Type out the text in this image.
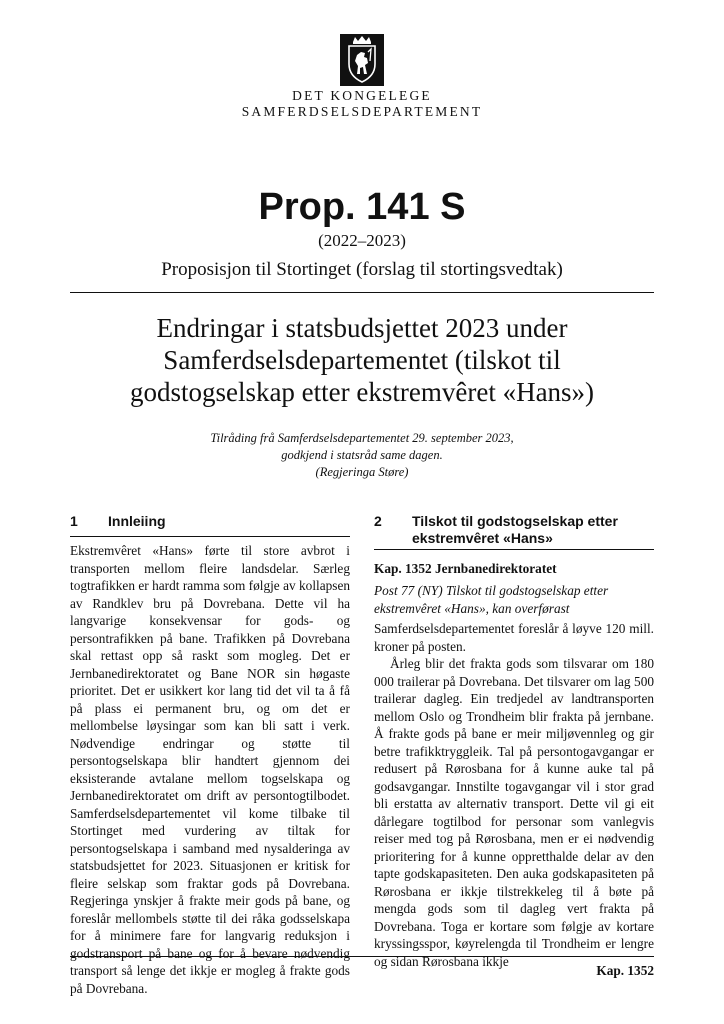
DET KONGELEGE
SAMFERDSELSDEPARTEMENT
Prop. 141 S
(2022–2023)
Proposisjon til Stortinget (forslag til stortingsvedtak)
Endringar i statsbudsjettet 2023 under
Samferdselsdepartementet (tilskot til
godstogselskap etter ekstremvêret «Hans»)
Tilråding frå Samferdselsdepartementet 29. september 2023,
godkjend i statsråd same dagen.
(Regjeringa Støre)
1 Innleiing

Ekstremvêret «Hans» førte til store avbrot i transporten mellom fleire landsdelar. Særleg togtrafikken er hardt ramma som følgje av kollapsen av Randklev bru på Dovrebana. Dette vil ha langvarige konsekvensar for gods- og persontrafikken på bane. Trafikken på Dovrebana skal rettast opp så raskt som mogleg. Det er Jernbanedirektoratet og Bane NOR sin høgaste prioritet. Det er usikkert kor lang tid det vil ta å få på plass ei permanent bru, og om det er mellombelse løysingar som kan bli satt i verk. Nødvendige endringar og støtte til persontogselskapa blir handtert gjennom dei eksisterande avtalane mellom togselskapa og Jernbanedirektoratet om drift av persontogtilbodet. Samferdselsdepartementet vil kome tilbake til Stortinget med vurdering av tiltak for persontogselskapa i samband med nysalderinga av statsbudsjettet for 2023. Situasjonen er kritisk for fleire selskap som fraktar gods på Dovrebana. Regjeringa ynskjer å frakte meir gods på bane, og foreslår mellombels støtte til dei råka godsselskapa for å minimere fare for langvarig reduksjon i godstransport på bane og for å bevare nødvendig transport så lenge det ikkje er mogleg å frakte gods på Dovrebana.

2 Tilskot til godstogselskap etter
ekstremvêret «Hans»
Kap. 1352 Jernbanedirektoratet
Post 77 (NY) Tilskot til godstogselskap etter
ekstremvêret «Hans», kan overførast

Samferdselsdepartementet foreslår å løyve 120 mill. kroner på posten.

Årleg blir det frakta gods som tilsvarar om 180 000 trailerar på Dovrebana. Det tilsvarer om lag 500 trailerar dagleg. Ein tredjedel av landtransporten mellom Oslo og Trondheim blir frakta på jernbane. Å frakte gods på bane er meir miljøvennleg og gir betre trafikktryggleik. Tal på persontogavgangar er redusert på Rørosbana for å kunne auke tal på godsavgangar. Innstilte togavgangar vil i stor grad bli erstatta av alternativ transport. Dette vil gi eit dårlegare togtilbod for personar som vanlegvis reiser med tog på Rørosbana, men er ei nødvendig prioritering for å kunne oppretthalde delar av den tapte godskapasiteten. Den auka godskapasiteten på Rørosbana er ikkje tilstrekkeleg til å bøte på mengda gods som til dagleg vert frakta på Dovrebana. Toga er kortare som følgje av kortare kryssingsspor, køyrelengda til Trondheim er lengre og sidan Rørosbana ikkje

Kap. 1352
